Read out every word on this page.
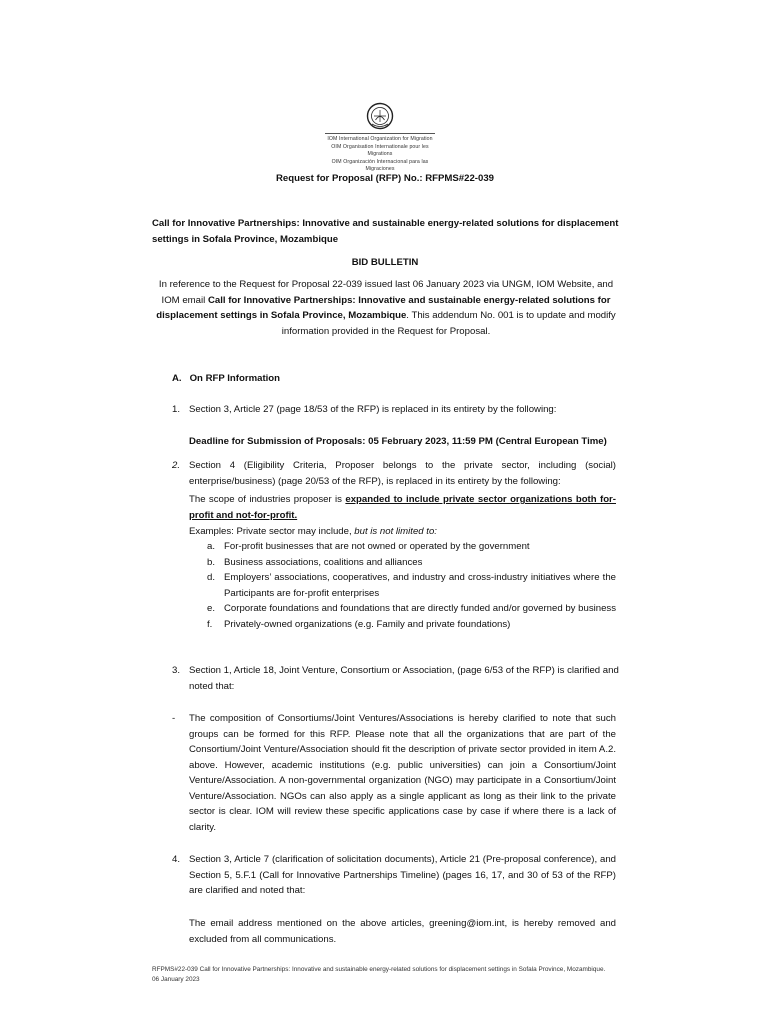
IOM International Organization for Migration
OIM Organisation Internationale pour les Migrations
OIM Organización Internacional para las Migraciones
Request for Proposal (RFP) No.: RFPMS#22-039
Call for Innovative Partnerships: Innovative and sustainable energy-related solutions for displacement settings in Sofala Province, Mozambique
BID BULLETIN
In reference to the Request for Proposal 22-039 issued last 06 January 2023 via UNGM, IOM Website, and IOM email Call for Innovative Partnerships: Innovative and sustainable energy-related solutions for displacement settings in Sofala Province, Mozambique. This addendum No. 001 is to update and modify information provided in the Request for Proposal.
A. On RFP Information
1. Section 3, Article 27 (page 18/53 of the RFP) is replaced in its entirety by the following:
Deadline for Submission of Proposals: 05 February 2023, 11:59 PM (Central European Time)
2. Section 4 (Eligibility Criteria, Proposer belongs to the private sector, including (social) enterprise/business) (page 20/53 of the RFP), is replaced in its entirety by the following:
The scope of industries proposer is expanded to include private sector organizations both for-profit and not-for-profit.
Examples: Private sector may include, but is not limited to:
a. For-profit businesses that are not owned or operated by the government
b. Business associations, coalitions and alliances
d. Employers’ associations, cooperatives, and industry and cross-industry initiatives where the Participants are for-profit enterprises
e. Corporate foundations and foundations that are directly funded and/or governed by business
f. Privately-owned organizations (e.g. Family and private foundations)
3. Section 1, Article 18, Joint Venture, Consortium or Association, (page 6/53 of the RFP) is clarified and noted that:
-	The composition of Consortiums/Joint Ventures/Associations is hereby clarified to note that such groups can be formed for this RFP. Please note that all the organizations that are part of the Consortium/Joint Venture/Association should fit the description of private sector provided in item A.2. above. However, academic institutions (e.g. public universities) can join a Consortium/Joint Venture/Association. A non-governmental organization (NGO) may participate in a Consortium/Joint Venture/Association. NGOs can also apply as a single applicant as long as their link to the private sector is clear. IOM will review these specific applications case by case if where there is a lack of clarity.
4. Section 3, Article 7 (clarification of solicitation documents), Article 21 (Pre-proposal conference), and Section 5, 5.F.1 (Call for Innovative Partnerships Timeline) (pages 16, 17, and 30 of 53 of the RFP) are clarified and noted that:
The email address mentioned on the above articles, greening@iom.int, is hereby removed and excluded from all communications.
RFPMS#22-039 Call for Innovative Partnerships: Innovative and sustainable energy-related solutions for displacement settings in Sofala Province, Mozambique. 06 January 2023
